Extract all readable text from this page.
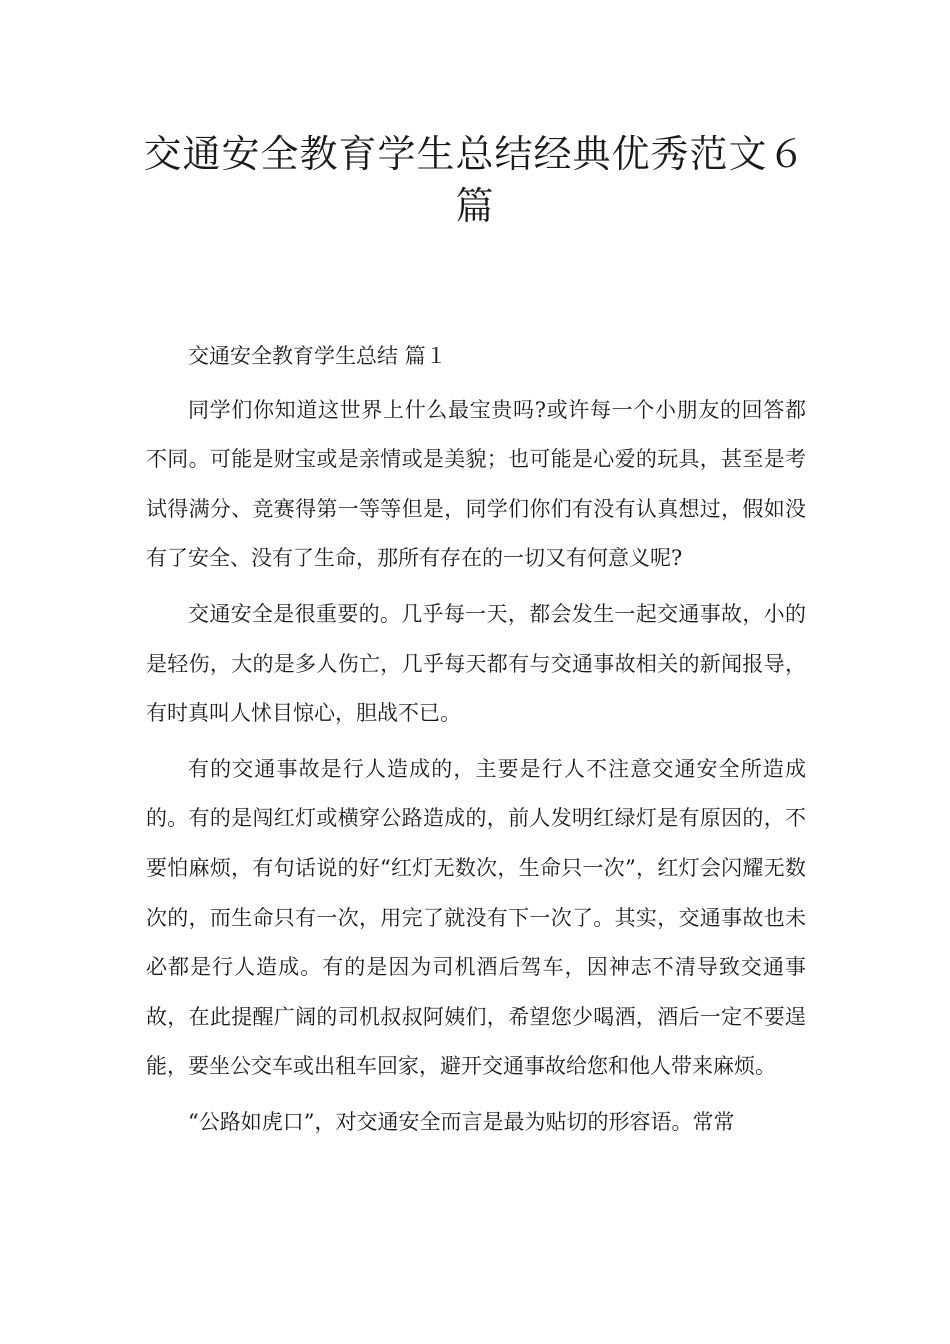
交通安全教育学生总结经典优秀范文６篇

交通安全教育学生总结 篇１

同学们你知道这世界上什么最宝贵吗?或许每一个小朋友的回答都不同。可能是财宝或是亲情或是美貌；也可能是心爱的玩具，甚至是考试得满分、竞赛得第一等等但是，同学们你们有没有认真想过，假如没有了安全、没有了生命，那所有存在的一切又有何意义呢?

交通安全是很重要的。几乎每一天，都会发生一起交通事故，小的是轻伤，大的是多人伤亡，几乎每天都有与交通事故相关的新闻报导，有时真叫人怵目惊心，胆战不已。

有的交通事故是行人造成的，主要是行人不注意交通安全所造成的。有的是闯红灯或横穿公路造成的，前人发明红绿灯是有原因的，不要怕麻烦，有句话说的好“红灯无数次，生命只一次”，红灯会闪耀无数次的，而生命只有一次，用完了就没有下一次了。其实，交通事故也未必都是行人造成。有的是因为司机酒后驾车，因神志不清导致交通事故，在此提醒广阔的司机叔叔阿姨们，希望您少喝酒，酒后一定不要逞能，要坐公交车或出租车回家，避开交通事故给您和他人带来麻烦。

“公路如虎口”，对交通安全而言是最为贴切的形容语。常常
